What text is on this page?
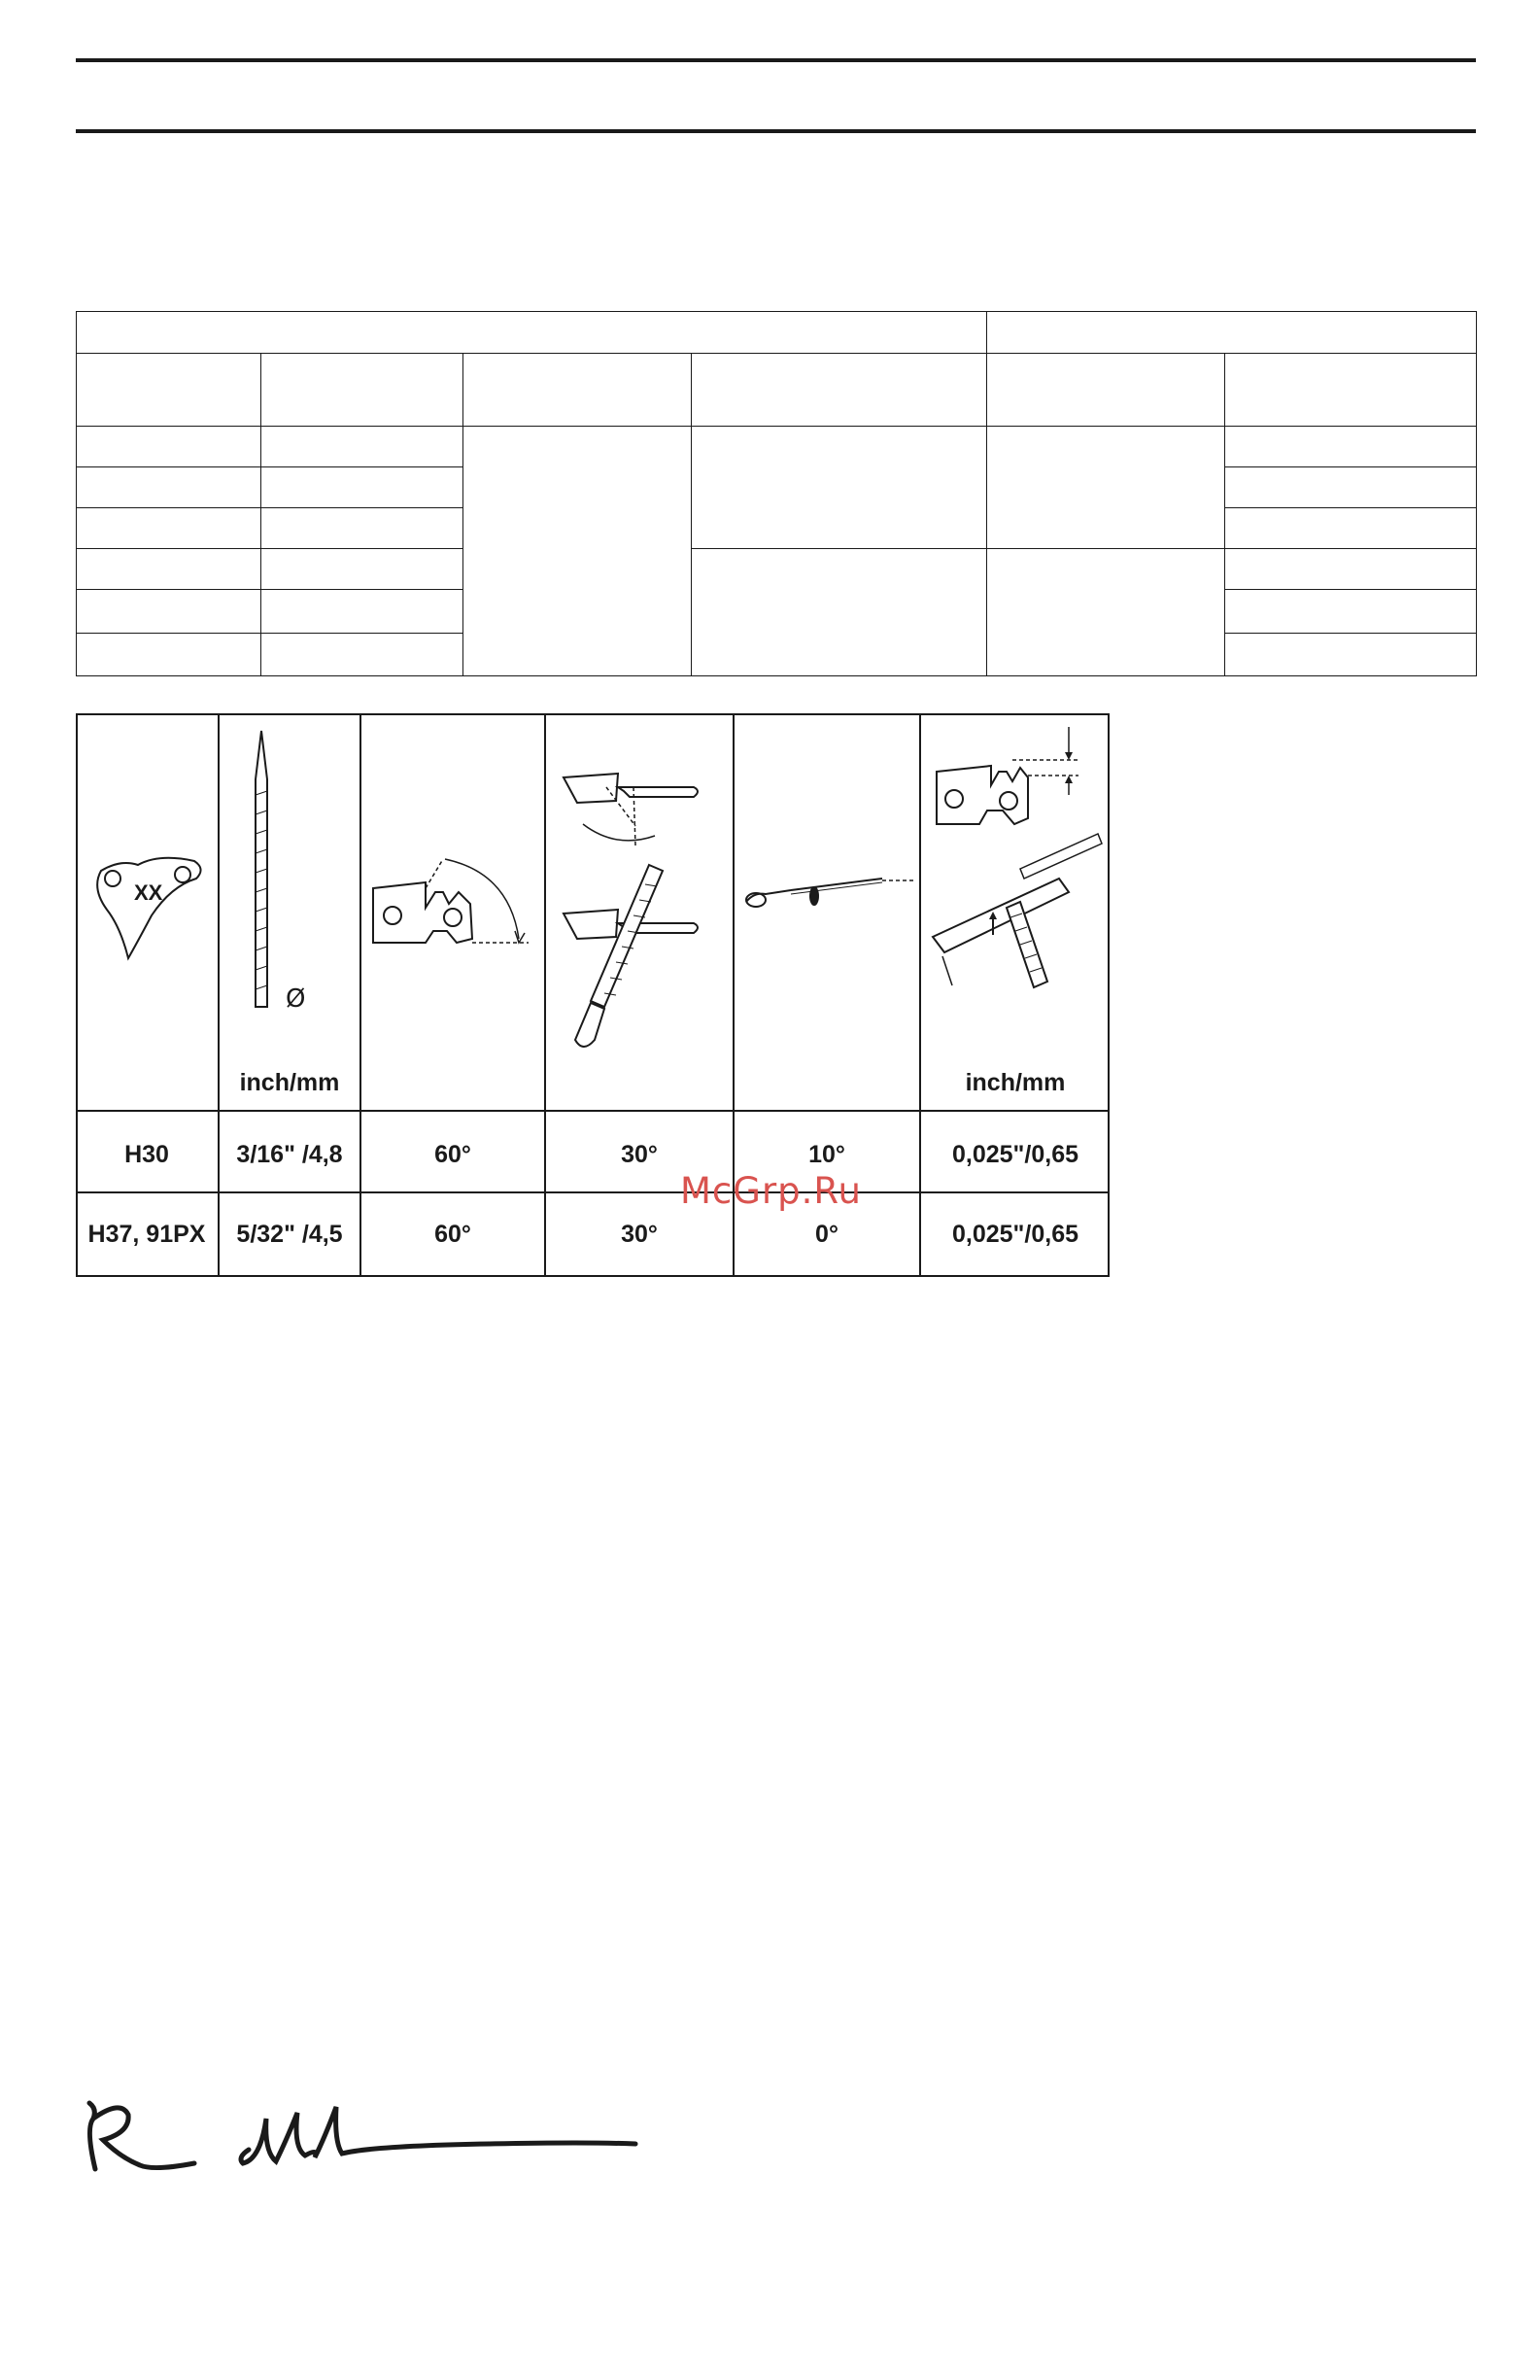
XX
Ø
inch/mm	inch/mm
H30	3/16" /4,8	60°	30°	10°	0,025"/0,65
H37, 91PX	5/32" /4,5	60°	30°	0°	0,025"/0,65
McGrp.Ru
